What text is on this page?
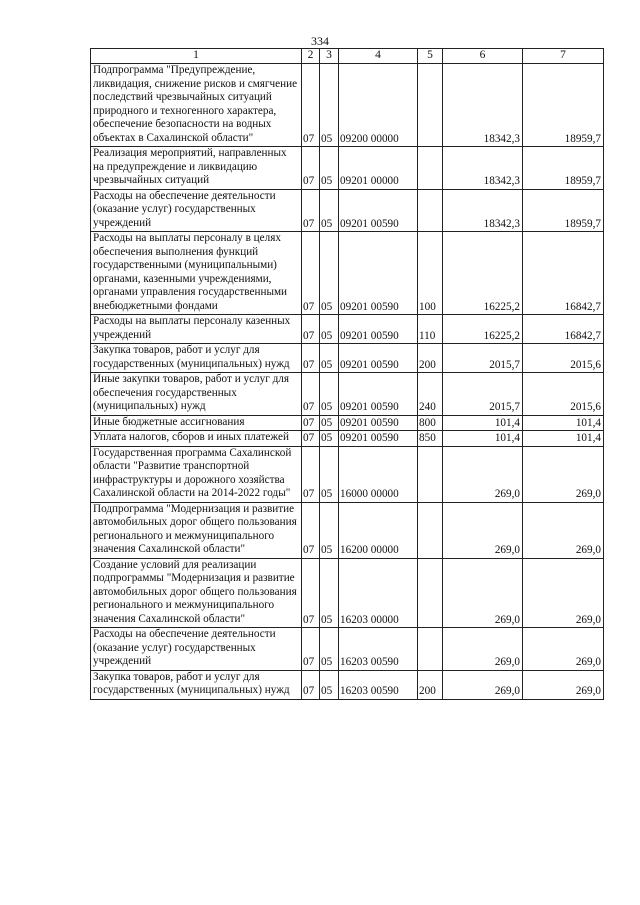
334
1	2	3	4	5	6	7
Подпрограмма "Предупреждение, ликвидация, снижение рисков и смягчение последствий чрезвычайных ситуаций природного и техногенного характера, обеспечение безопасности на водных объектах в Сахалинской области"	07	05	09200 00000		18342,3	18959,7
Реализация мероприятий, направленных на предупреждение и ликвидацию чрезвычайных ситуаций	07	05	09201 00000		18342,3	18959,7
Расходы на обеспечение деятельности (оказание услуг) государственных учреждений	07	05	09201 00590		18342,3	18959,7
Расходы на выплаты персоналу в целях обеспечения выполнения функций государственными (муниципальными) органами, казенными учреждениями, органами управления государственными внебюджетными фондами	07	05	09201 00590	100	16225,2	16842,7
Расходы на выплаты персоналу казенных учреждений	07	05	09201 00590	110	16225,2	16842,7
Закупка товаров, работ и услуг для государственных (муниципальных) нужд	07	05	09201 00590	200	2015,7	2015,6
Иные закупки товаров, работ и услуг для обеспечения государственных (муниципальных) нужд	07	05	09201 00590	240	2015,7	2015,6
Иные бюджетные ассигнования	07	05	09201 00590	800	101,4	101,4
Уплата налогов, сборов и иных платежей	07	05	09201 00590	850	101,4	101,4
Государственная программа Сахалинской области "Развитие транспортной инфраструктуры и дорожного хозяйства Сахалинской области на 2014-2022 годы"	07	05	16000 00000		269,0	269,0
Подпрограмма "Модернизация и развитие автомобильных дорог общего пользования регионального и межмуниципального значения Сахалинской области"	07	05	16200 00000		269,0	269,0
Создание условий для реализации подпрограммы "Модернизация и развитие автомобильных дорог общего пользования регионального и межмуниципального значения Сахалинской области"	07	05	16203 00000		269,0	269,0
Расходы на обеспечение деятельности (оказание услуг) государственных учреждений	07	05	16203 00590		269,0	269,0
Закупка товаров, работ и услуг для государственных (муниципальных) нужд	07	05	16203 00590	200	269,0	269,0
